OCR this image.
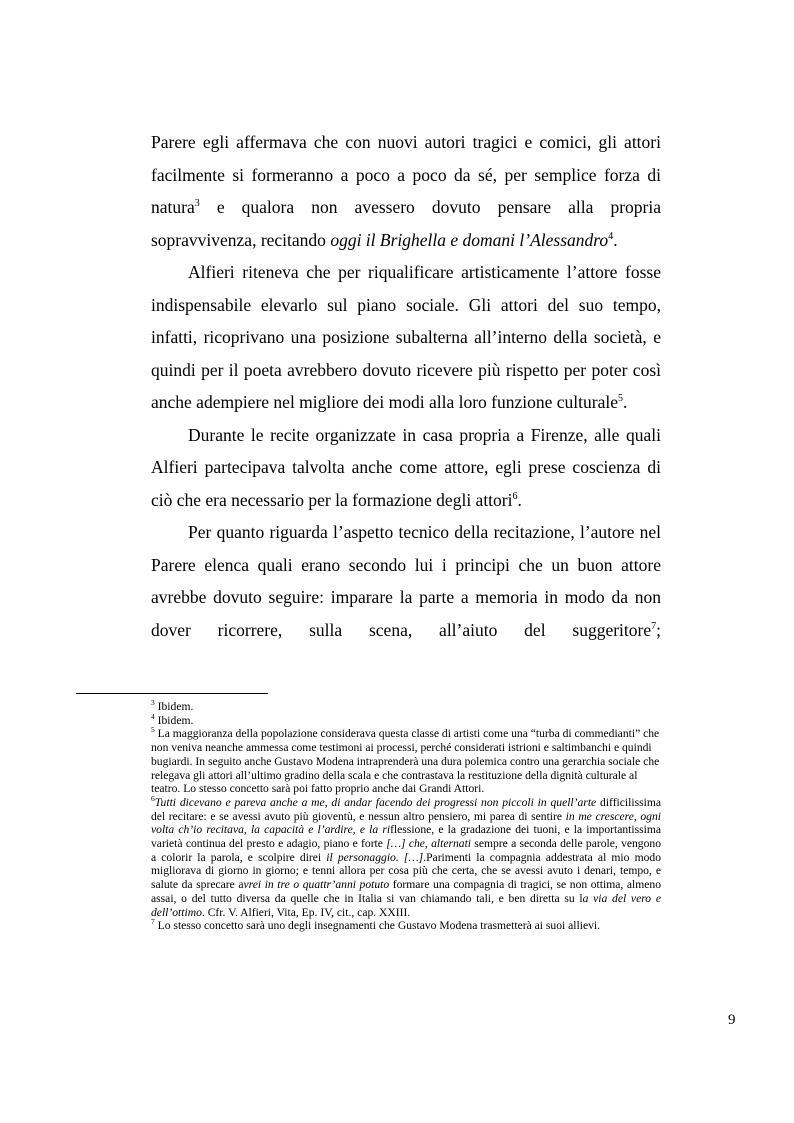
Parere egli affermava che con nuovi autori tragici e comici, gli attori facilmente si formeranno a poco a poco da sé, per semplice forza di natura$^3$ e qualora non avessero dovuto pensare alla propria sopravvivenza, recitando oggi il Brighella e domani l’Alessandro$^4$.

Alfieri riteneva che per riqualificare artisticamente l’attore fosse indispensabile elevarlo sul piano sociale. Gli attori del suo tempo, infatti, ricoprivano una posizione subalterna all’interno della società, e quindi per il poeta avrebbero dovuto ricevere più rispetto per poter così anche adempiere nel migliore dei modi alla loro funzione culturale$^5$.

Durante le recite organizzate in casa propria a Firenze, alle quali Alfieri partecipava talvolta anche come attore, egli prese coscienza di ciò che era necessario per la formazione degli attori$^6$.

Per quanto riguarda l’aspetto tecnico della recitazione, l’autore nel Parere elenca quali erano secondo lui i principi che un buon attore avrebbe dovuto seguire: imparare la parte a memoria in modo da non dover ricorrere, sulla scena, all’aiuto del suggeritore$^7$;

$^3$ Ibidem.

$^4$ Ibidem.

$^5$ La maggioranza della popolazione considerava questa classe di artisti come una “turba di commedianti” che non veniva neanche ammessa come testimoni ai processi, perché considerati istrioni e saltimbanchi e quindi bugiardi. In seguito anche Gustavo Modena intraprenderà una dura polemica contro una gerarchia sociale che relegava gli attori all’ultimo gradino della scala e che contrastava la restituzione della dignità culturale al teatro. Lo stesso concetto sarà poi fatto proprio anche dai Grandi Attori.

$^6$Tutti dicevano e pareva anche a me, di andar facendo dei progressi non piccoli in quell’arte difficilissima del recitare: e se avessi avuto più gioventù, e nessun altro pensiero, mi parea di sentire in me crescere, ogni volta ch’io recitava, la capacità e l’ardire, e la riflessione, e la gradazione dei tuoni, e la importantissima varietà continua del presto e adagio, piano e forte […] che, alternati sempre a seconda delle parole, vengono a colorir la parola, e scolpire direi il personaggio. […].Parimenti la compagnia addestrata al mio modo migliorava di giorno in giorno; e tenni allora per cosa più che certa, che se avessi avuto i denari, tempo, e salute da sprecare avrei in tre o quattr’anni potuto formare una compagnia di tragici, se non ottima, almeno assai, o del tutto diversa da quelle che in Italia si van chiamando tali, e ben diretta su la via del vero e dell’ottimo. Cfr. V. Alfieri, Vita, Ep. IV, cit., cap. XXIII.

$^7$ Lo stesso concetto sarà uno degli insegnamenti che Gustavo Modena trasmetterà ai suoi allievi.

9
